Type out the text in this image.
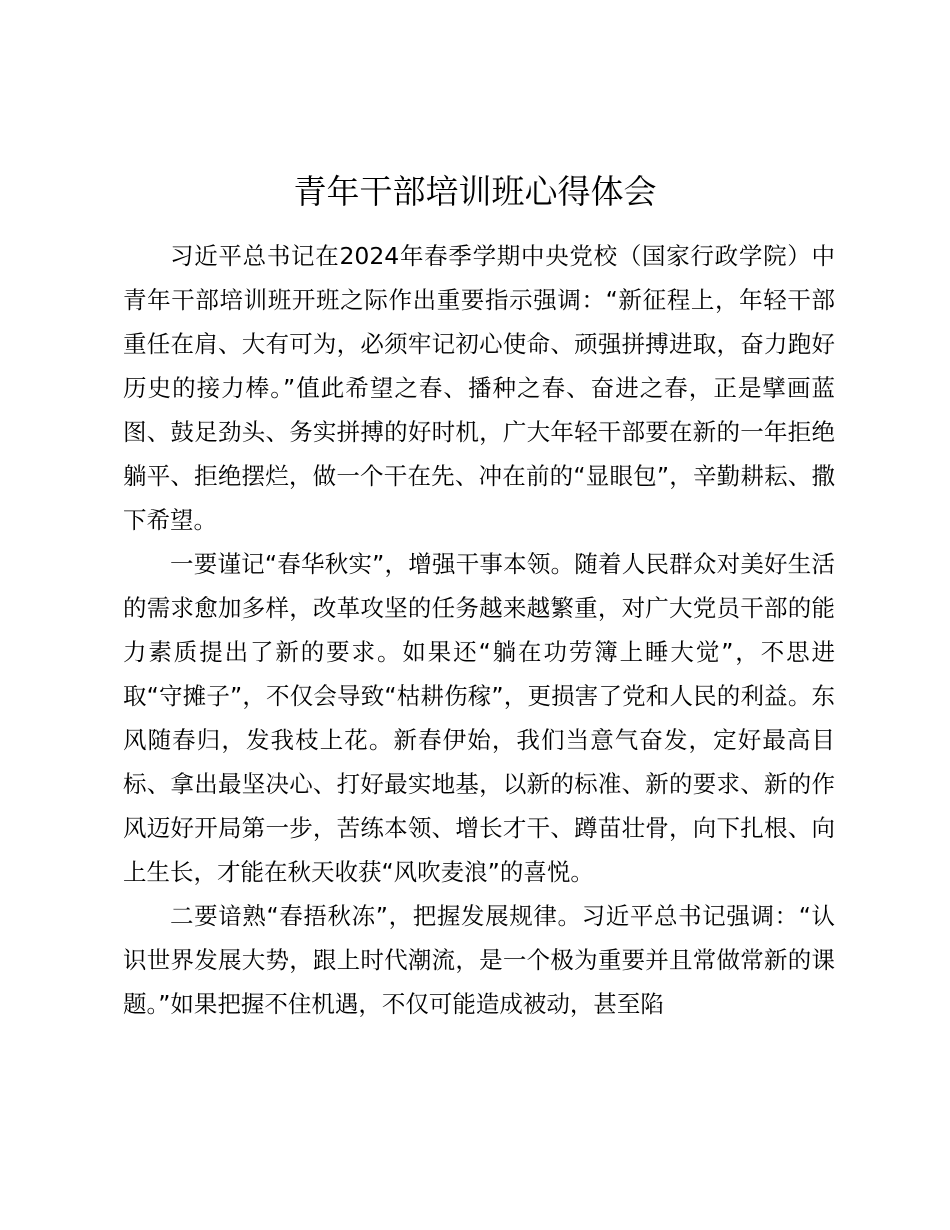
青年干部培训班心得体会

习近平总书记在2024年春季学期中央党校（国家行政学院）中青年干部培训班开班之际作出重要指示强调：“新征程上，年轻干部重任在肩、大有可为，必须牢记初心使命、顽强拼搏进取，奋力跑好历史的接力棒。”值此希望之春、播种之春、奋进之春，正是擘画蓝图、鼓足劲头、务实拼搏的好时机，广大年轻干部要在新的一年拒绝躺平、拒绝摆烂，做一个干在先、冲在前的“显眼包”，辛勤耕耘、撒下希望。

一要谨记“春华秋实”，增强干事本领。随着人民群众对美好生活的需求愈加多样，改革攻坚的任务越来越繁重，对广大党员干部的能力素质提出了新的要求。如果还“躺在功劳簿上睡大觉”，不思进取“守摊子”，不仅会导致“枯耕伤稼”，更损害了党和人民的利益。东风随春归，发我枝上花。新春伊始，我们当意气奋发，定好最高目标、拿出最坚决心、打好最实地基，以新的标准、新的要求、新的作风迈好开局第一步，苦练本领、增长才干、蹲苗壮骨，向下扎根、向上生长，才能在秋天收获“风吹麦浪”的喜悦。

二要谙熟“春捂秋冻”，把握发展规律。习近平总书记强调：“认识世界发展大势，跟上时代潮流，是一个极为重要并且常做常新的课题。”如果把握不住机遇，不仅可能造成被动，甚至陷
